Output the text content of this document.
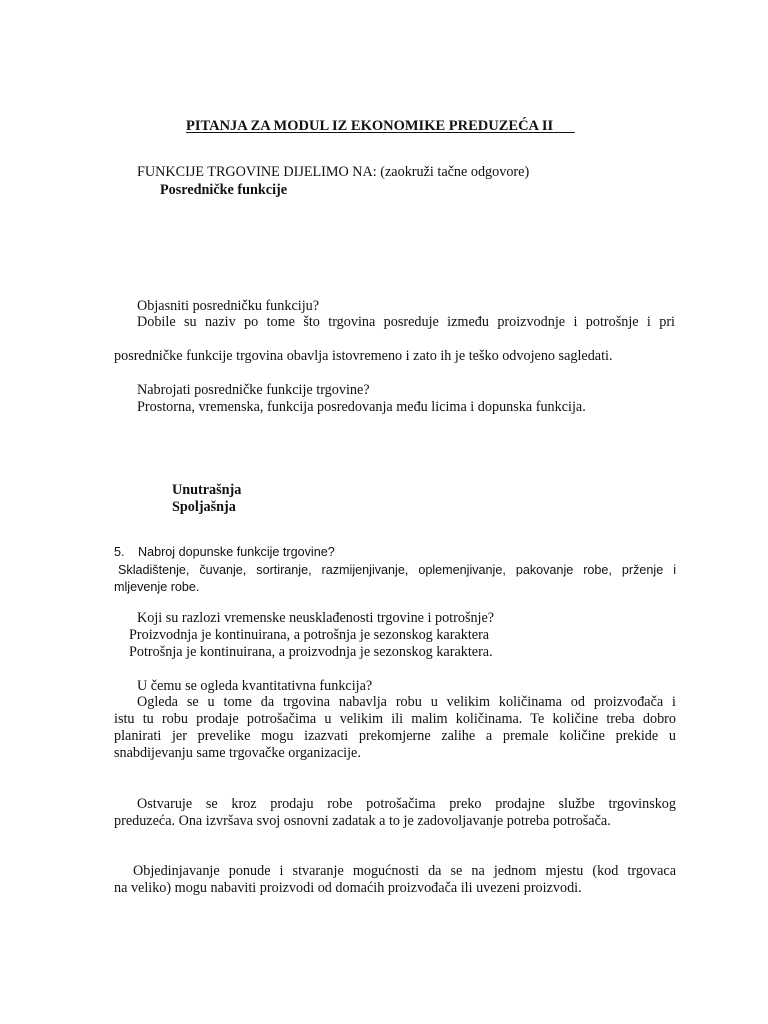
PITANJA ZA MODUL IZ EKONOMIKE PREDUZEĆA II
FUNKCIJE TRGOVINE DIJELIMO NA: (zaokruži tačne odgovore)
Posredničke funkcije
Objasniti posredničku funkciju?
Dobile su naziv po tome što trgovina posreduje između proizvodnje i potrošnje i pri
posredničke funkcije trgovina obavlja istovremeno i zato ih je teško odvojeno sagledati.
Nabrojati posredničke funkcije trgovine?
Prostorna, vremenska, funkcija posredovanja među licima i dopunska funkcija.
Unutrašnja
Spoljašnja
5. Nabroj dopunske funkcije trgovine?
Skladištenje, čuvanje, sortiranje, razmijenjivanje, oplemenjivanje, pakovanje robe, prženje i
mljevenje robe.
Koji su razlozi vremenske neusklađenosti trgovine i potrošnje?
Proizvodnja je kontinuirana, a potrošnja je sezonskog karaktera
Potrošnja je kontinuirana, a proizvodnja je sezonskog karaktera.
U čemu se ogleda kvantitativna funkcija?
Ogleda se u tome da trgovina nabavlja robu u velikim količinama od proizvođača i
istu tu robu prodaje potrošačima u velikim ili malim količinama. Te količine treba dobro
planirati jer prevelike mogu izazvati prekomjerne zalihe a premale količine prekide u
snabdijevanju same trgovačke organizacije.
Ostvaruje se kroz prodaju robe potrošačima preko prodajne službe trgovinskog
preduzeća. Ona izvršava svoj osnovni zadatak a to je zadovoljavanje potreba potrošača.
Objedinjavanje ponude i stvaranje mogućnosti da se na jednom mjestu (kod trgovaca
na veliko) mogu nabaviti proizvodi od domaćih proizvođača ili uvezeni proizvodi.
